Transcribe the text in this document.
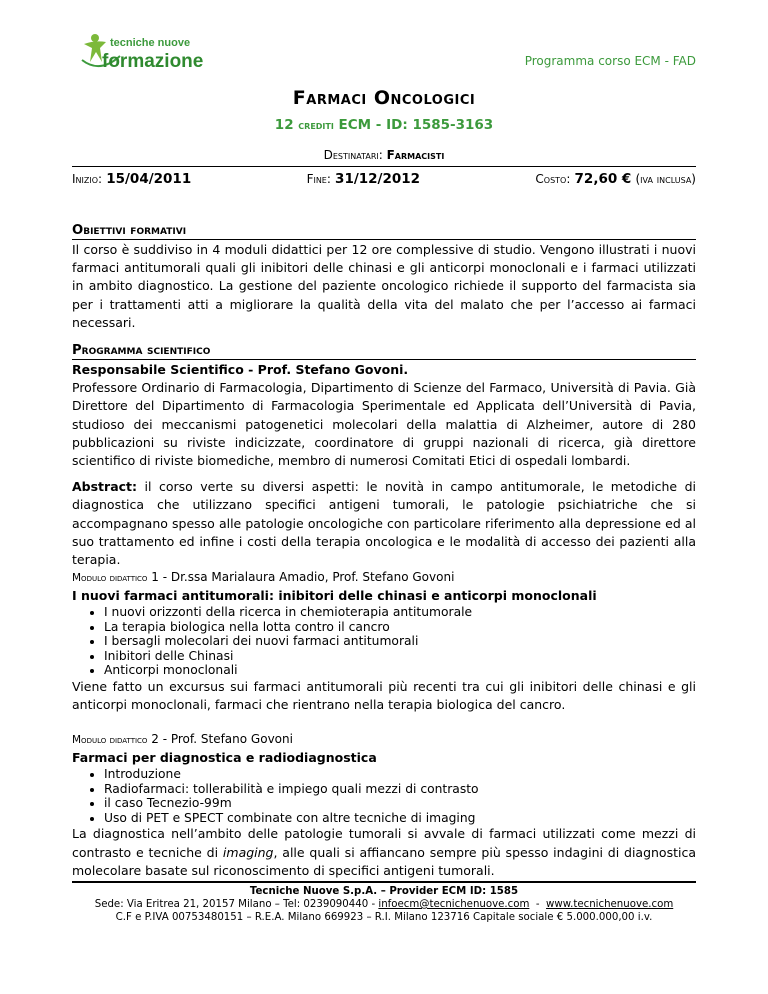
tecniche nuove
formazione	Programma corso ECM - FAD
Farmaci Oncologici
12 crediti ECM - ID: 1585-3163
Destinatari: Farmacisti
Inizio: 15/04/2011	Fine: 31/12/2012	Costo: 72,60 € (iva inclusa)
Obiettivi formativi

Il corso è suddiviso in 4 moduli didattici per 12 ore complessive di studio. Vengono illustrati i nuovi farmaci antitumorali quali gli inibitori delle chinasi e gli anticorpi monoclonali e i farmaci utilizzati in ambito diagnostico. La gestione del paziente oncologico richiede il supporto del farmacista sia per i trattamenti atti a migliorare la qualità della vita del malato che per l’accesso ai farmaci necessari.

Programma scientifico

Responsabile Scientifico - Prof. Stefano Govoni.

Professore Ordinario di Farmacologia, Dipartimento di Scienze del Farmaco, Università di Pavia. Già Direttore del Dipartimento di Farmacologia Sperimentale ed Applicata dell’Università di Pavia, studioso dei meccanismi patogenetici molecolari della malattia di Alzheimer, autore di 280 pubblicazioni su riviste indicizzate, coordinatore di gruppi nazionali di ricerca, già direttore scientifico di riviste biomediche, membro di numerosi Comitati Etici di ospedali lombardi.

Abstract: il corso verte su diversi aspetti: le novità in campo antitumorale, le metodiche di diagnostica che utilizzano specifici antigeni tumorali, le patologie psichiatriche che si accompagnano spesso alle patologie oncologiche con particolare riferimento alla depressione ed al suo trattamento ed infine i costi della terapia oncologica e le modalità di accesso dei pazienti alla terapia.

Modulo didattico 1 - Dr.ssa Marialaura Amadio, Prof. Stefano Govoni

I nuovi farmaci antitumorali: inibitori delle chinasi e anticorpi monoclonali

• I nuovi orizzonti della ricerca in chemioterapia antitumorale
• La terapia biologica nella lotta contro il cancro
• I bersagli molecolari dei nuovi farmaci antitumorali
• Inibitori delle Chinasi
• Anticorpi monoclonali

Viene fatto un excursus sui farmaci antitumorali più recenti tra cui gli inibitori delle chinasi e gli anticorpi monoclonali, farmaci che rientrano nella terapia biologica del cancro.

Modulo didattico 2 - Prof. Stefano Govoni

Farmaci per diagnostica e radiodiagnostica

• Introduzione
• Radiofarmaci: tollerabilità e impiego quali mezzi di contrasto
• il caso Tecnezio-99m
• Uso di PET e SPECT combinate con altre tecniche di imaging

La diagnostica nell’ambito delle patologie tumorali si avvale di farmaci utilizzati come mezzi di contrasto e tecniche di imaging, alle quali si affiancano sempre più spesso indagini di diagnostica molecolare basate sul riconoscimento di specifici antigeni tumorali.

Tecniche Nuove S.p.A. – Provider ECM ID: 1585
Sede: Via Eritrea 21, 20157 Milano – Tel: 0239090440 - infoecm@tecnichenuove.com  -  www.tecnichenuove.com
C.F e P.IVA 00753480151 – R.E.A. Milano 669923 – R.I. Milano 123716 Capitale sociale € 5.000.000,00 i.v.
